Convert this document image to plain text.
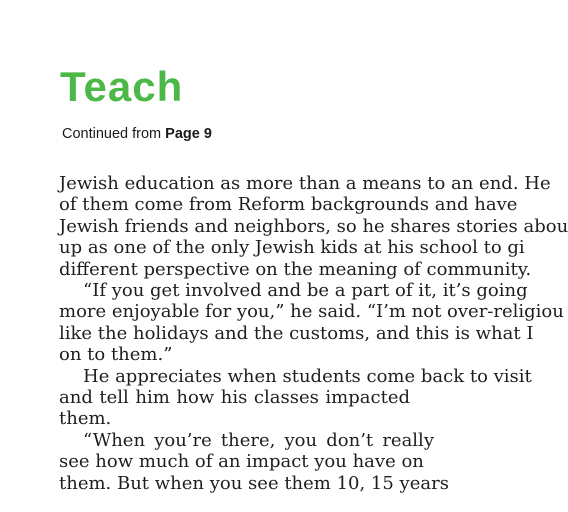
Teach
Continued from Page 9
Jewish education as more than a means to an end. He
of them come from Reform backgrounds and have
Jewish friends and neighbors, so he shares stories abou
up as one of the only Jewish kids at his school to gi
different perspective on the meaning of community.
“If you get involved and be a part of it, it’s going
more enjoyable for you,” he said. “I’m not over-religiou
like the holidays and the customs, and this is what I
on to them.”
He appreciates when students come back to visit
and tell him how his classes impacted
them.
“When you’re there, you don’t really
see how much of an impact you have on
them. But when you see them 10, 15 years
